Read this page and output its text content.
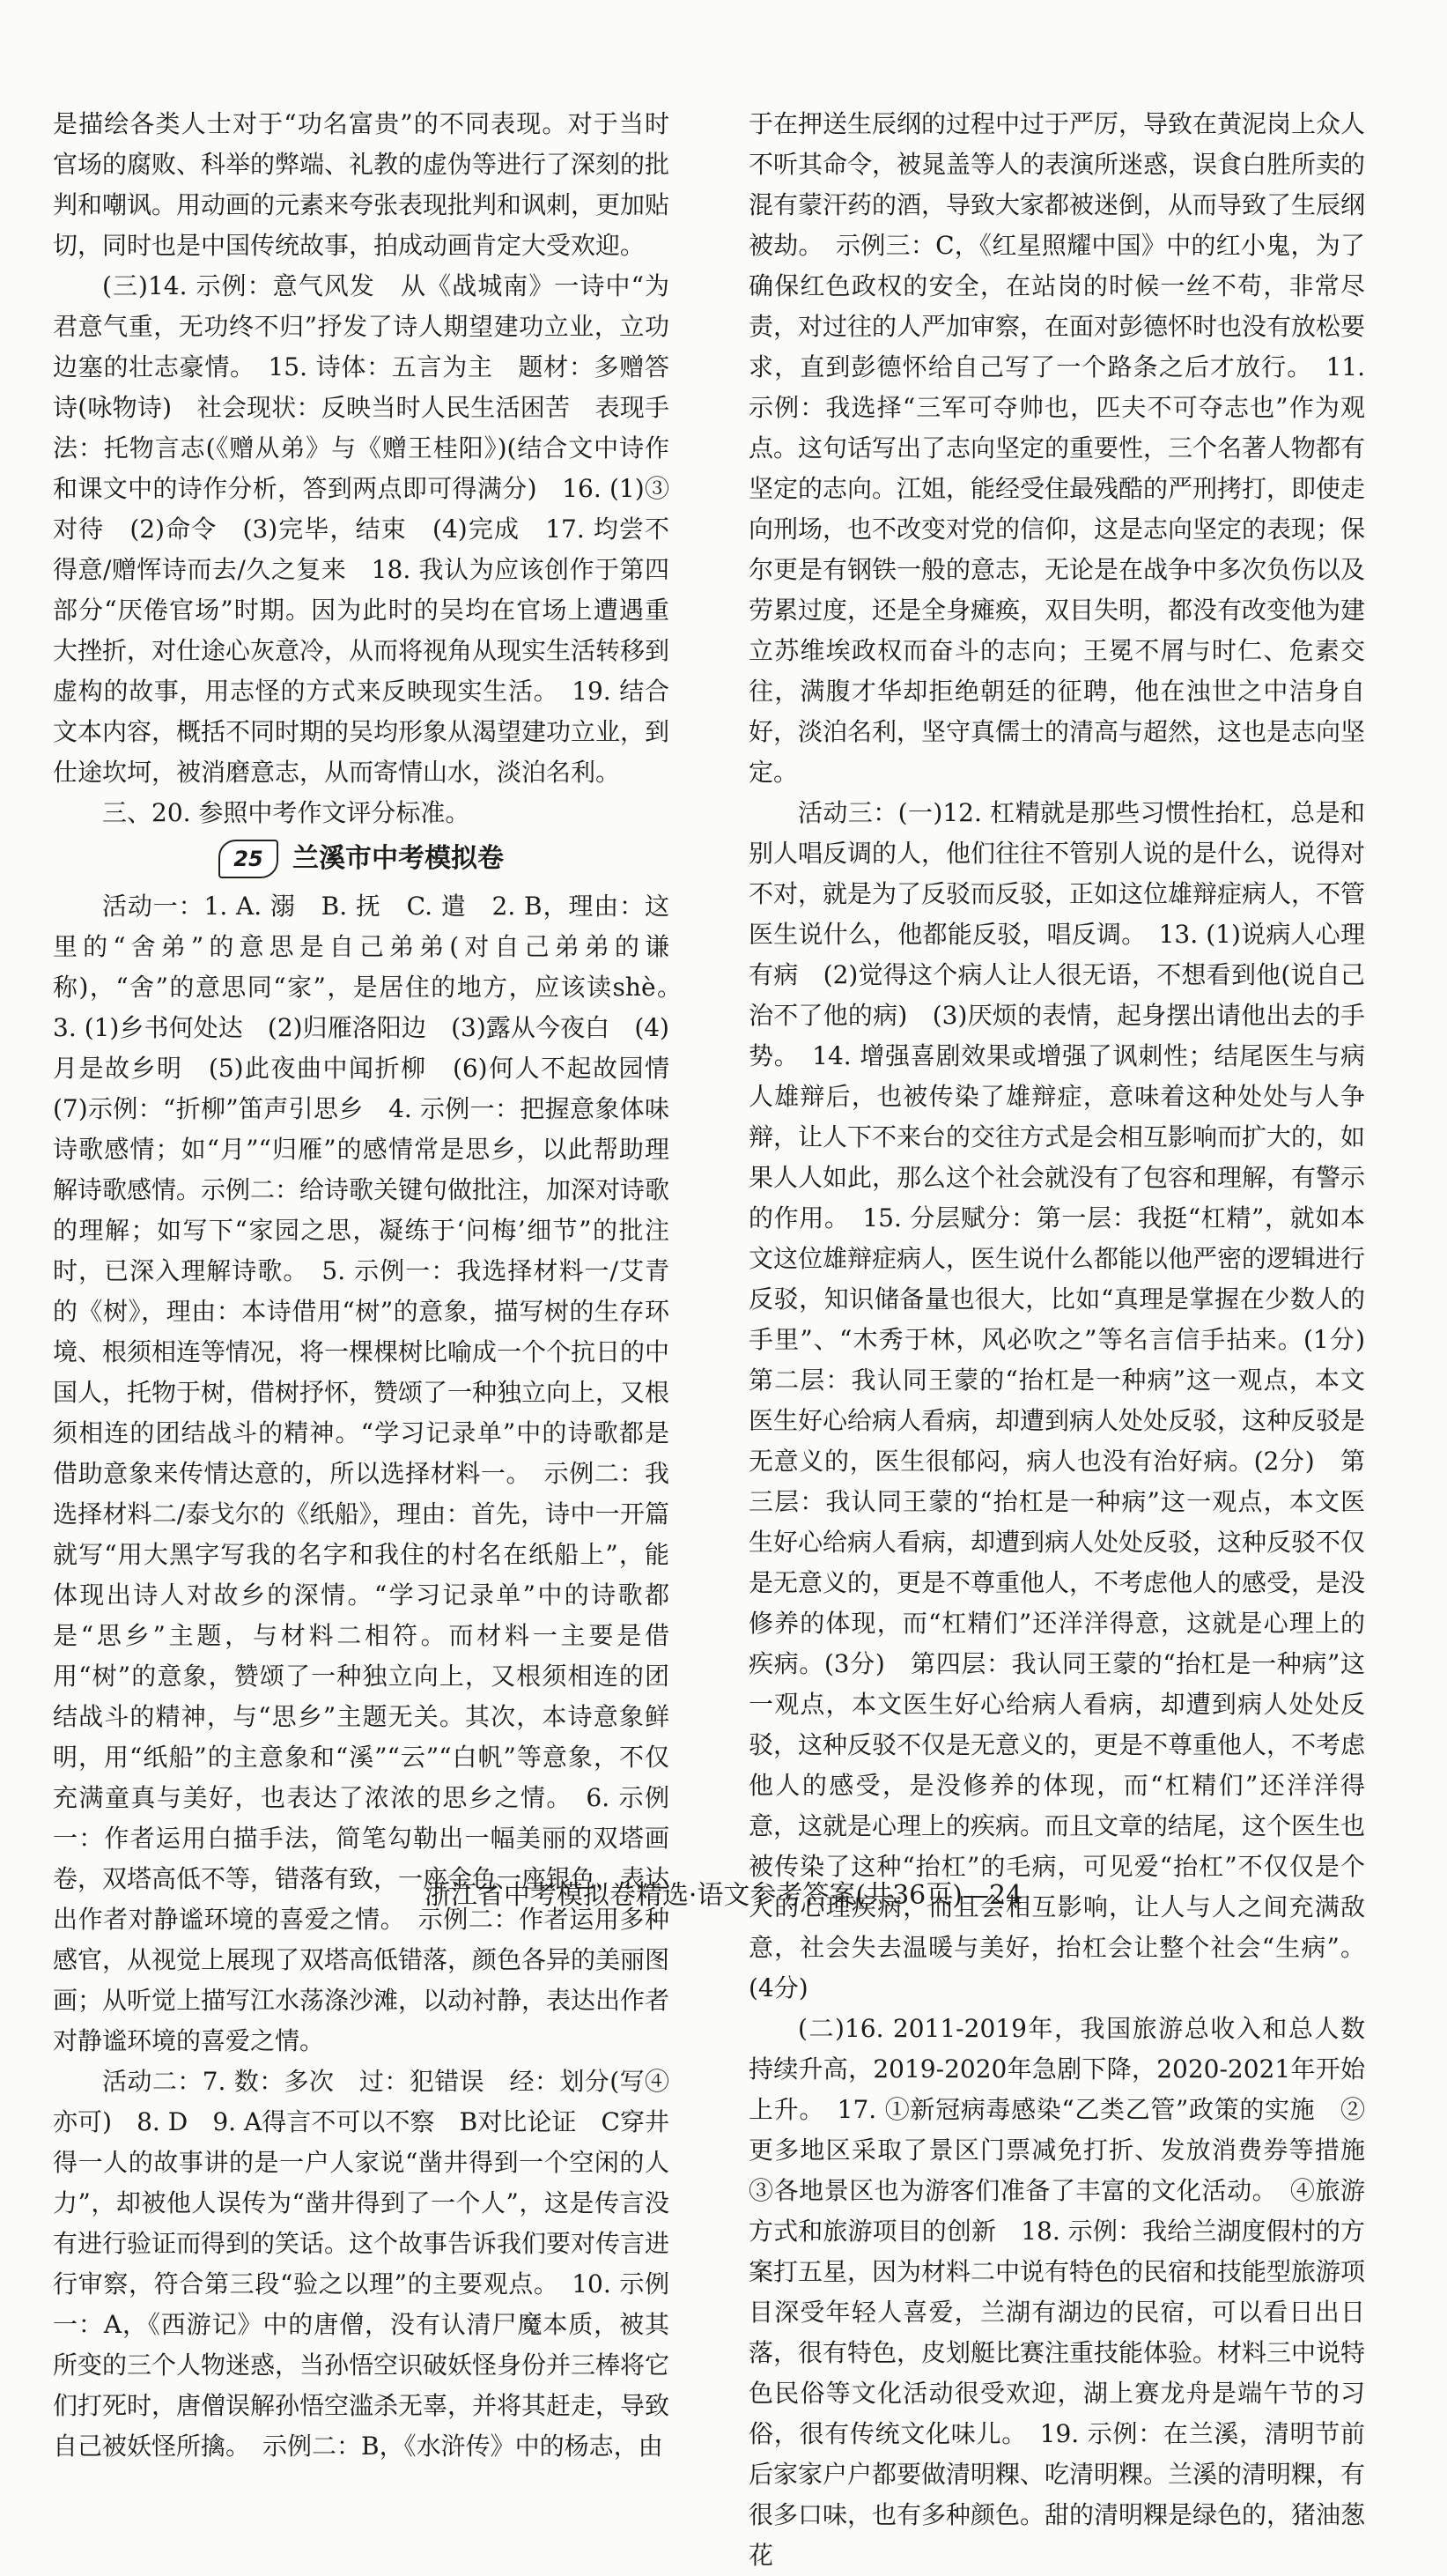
是描绘各类人士对于“功名富贵”的不同表现。对于当时官场的腐败、科举的弊端、礼教的虚伪等进行了深刻的批判和嘲讽。用动画的元素来夸张表现批判和讽刺，更加贴切，同时也是中国传统故事，拍成动画肯定大受欢迎。

(三)14. 示例：意气风发　从《战城南》一诗中“为君意气重，无功终不归”抒发了诗人期望建功立业，立功边塞的壮志豪情。　15. 诗体：五言为主　题材：多赠答诗(咏物诗)　社会现状：反映当时人民生活困苦　表现手法：托物言志(《赠从弟》与《赠王桂阳》)(结合文中诗作和课文中的诗作分析，答到两点即可得满分)　16. (1)③对待　(2)命令　(3)完毕，结束　(4)完成　17. 均尝不得意/赠恽诗而去/久之复来　18. 我认为应该创作于第四部分“厌倦官场”时期。因为此时的吴均在官场上遭遇重大挫折，对仕途心灰意冷，从而将视角从现实生活转移到虚构的故事，用志怪的方式来反映现实生活。　19. 结合文本内容，概括不同时期的吴均形象从渴望建功立业，到仕途坎坷，被消磨意志，从而寄情山水，淡泊名利。

三、20. 参照中考作文评分标准。

25	兰溪市中考模拟卷

活动一：1. A. 溺　B. 抚　C. 遣　2. B，理由：这里的“舍弟”的意思是自己弟弟(对自己弟弟的谦称)，“舍”的意思同“家”，是居住的地方，应该读shè。　3. (1)乡书何处达　(2)归雁洛阳边　(3)露从今夜白　(4)月是故乡明　(5)此夜曲中闻折柳　(6)何人不起故园情　(7)示例：“折柳”笛声引思乡　4. 示例一：把握意象体味诗歌感情；如“月”“归雁”的感情常是思乡，以此帮助理解诗歌感情。示例二：给诗歌关键句做批注，加深对诗歌的理解；如写下“家园之思，凝练于‘问梅’细节”的批注时，已深入理解诗歌。　5. 示例一：我选择材料一/艾青的《树》，理由：本诗借用“树”的意象，描写树的生存环境、根须相连等情况，将一棵棵树比喻成一个个抗日的中国人，托物于树，借树抒怀，赞颂了一种独立向上，又根须相连的团结战斗的精神。“学习记录单”中的诗歌都是借助意象来传情达意的，所以选择材料一。　示例二：我选择材料二/泰戈尔的《纸船》，理由：首先，诗中一开篇就写“用大黑字写我的名字和我住的村名在纸船上”，能体现出诗人对故乡的深情。“学习记录单”中的诗歌都是“思乡”主题，与材料二相符。而材料一主要是借用“树”的意象，赞颂了一种独立向上，又根须相连的团结战斗的精神，与“思乡”主题无关。其次，本诗意象鲜明，用“纸船”的主意象和“溪”“云”“白帆”等意象，不仅充满童真与美好，也表达了浓浓的思乡之情。　6. 示例一：作者运用白描手法，简笔勾勒出一幅美丽的双塔画卷，双塔高低不等，错落有致，一座金色一座银色，表达出作者对静谧环境的喜爱之情。　示例二：作者运用多种感官，从视觉上展现了双塔高低错落，颜色各异的美丽图画；从听觉上描写江水荡涤沙滩，以动衬静，表达出作者对静谧环境的喜爱之情。

活动二：7. 数：多次　过：犯错误　经：划分(写④亦可)　8. D　9. A得言不可以不察　B对比论证　C穿井得一人的故事讲的是一户人家说“凿井得到一个空闲的人力”，却被他人误传为“凿井得到了一个人”，这是传言没有进行验证而得到的笑话。这个故事告诉我们要对传言进行审察，符合第三段“验之以理”的主要观点。　10. 示例一：A，《西游记》中的唐僧，没有认清尸魔本质，被其所变的三个人物迷惑，当孙悟空识破妖怪身份并三棒将它们打死时，唐僧误解孙悟空滥杀无辜，并将其赶走，导致自己被妖怪所擒。　示例二：B，《水浒传》中的杨志，由

于在押送生辰纲的过程中过于严厉，导致在黄泥岗上众人不听其命令，被晁盖等人的表演所迷惑，误食白胜所卖的混有蒙汗药的酒，导致大家都被迷倒，从而导致了生辰纲被劫。　示例三：C，《红星照耀中国》中的红小鬼，为了确保红色政权的安全，在站岗的时候一丝不苟，非常尽责，对过往的人严加审察，在面对彭德怀时也没有放松要求，直到彭德怀给自己写了一个路条之后才放行。　11. 示例：我选择“三军可夺帅也，匹夫不可夺志也”作为观点。这句话写出了志向坚定的重要性，三个名著人物都有坚定的志向。江姐，能经受住最残酷的严刑拷打，即使走向刑场，也不改变对党的信仰，这是志向坚定的表现；保尔更是有钢铁一般的意志，无论是在战争中多次负伤以及劳累过度，还是全身瘫痪，双目失明，都没有改变他为建立苏维埃政权而奋斗的志向；王冕不屑与时仁、危素交往，满腹才华却拒绝朝廷的征聘，他在浊世之中洁身自好，淡泊名利，坚守真儒士的清高与超然，这也是志向坚定。

活动三：(一)12. 杠精就是那些习惯性抬杠，总是和别人唱反调的人，他们往往不管别人说的是什么，说得对不对，就是为了反驳而反驳，正如这位雄辩症病人，不管医生说什么，他都能反驳，唱反调。　13. (1)说病人心理有病　(2)觉得这个病人让人很无语，不想看到他(说自己治不了他的病)　(3)厌烦的表情，起身摆出请他出去的手势。　14. 增强喜剧效果或增强了讽刺性；结尾医生与病人雄辩后，也被传染了雄辩症，意味着这种处处与人争辩，让人下不来台的交往方式是会相互影响而扩大的，如果人人如此，那么这个社会就没有了包容和理解，有警示的作用。　15. 分层赋分：第一层：我挺“杠精”，就如本文这位雄辩症病人，医生说什么都能以他严密的逻辑进行反驳，知识储备量也很大，比如“真理是掌握在少数人的手里”、“木秀于林，风必吹之”等名言信手拈来。(1分)　第二层：我认同王蒙的“抬杠是一种病”这一观点，本文医生好心给病人看病，却遭到病人处处反驳，这种反驳是无意义的，医生很郁闷，病人也没有治好病。(2分)　第三层：我认同王蒙的“抬杠是一种病”这一观点，本文医生好心给病人看病，却遭到病人处处反驳，这种反驳不仅是无意义的，更是不尊重他人，不考虑他人的感受，是没修养的体现，而“杠精们”还洋洋得意，这就是心理上的疾病。(3分)　第四层：我认同王蒙的“抬杠是一种病”这一观点，本文医生好心给病人看病，却遭到病人处处反驳，这种反驳不仅是无意义的，更是不尊重他人，不考虑他人的感受，是没修养的体现，而“杠精们”还洋洋得意，这就是心理上的疾病。而且文章的结尾，这个医生也被传染了这种“抬杠”的毛病，可见爱“抬杠”不仅仅是个人的心理疾病，而且会相互影响，让人与人之间充满敌意，社会失去温暖与美好，抬杠会让整个社会“生病”。(4分)

(二)16. 2011-2019年，我国旅游总收入和总人数持续升高，2019-2020年急剧下降，2020-2021年开始上升。　17. ①新冠病毒感染“乙类乙管”政策的实施　②更多地区采取了景区门票减免打折、发放消费券等措施　③各地景区也为游客们准备了丰富的文化活动。　④旅游方式和旅游项目的创新　18. 示例：我给兰湖度假村的方案打五星，因为材料二中说有特色的民宿和技能型旅游项目深受年轻人喜爱，兰湖有湖边的民宿，可以看日出日落，很有特色，皮划艇比赛注重技能体验。材料三中说特色民俗等文化活动很受欢迎，湖上赛龙舟是端午节的习俗，很有传统文化味儿。　19. 示例：在兰溪，清明节前后家家户户都要做清明粿、吃清明粿。兰溪的清明粿，有很多口味，也有多种颜色。甜的清明粿是绿色的，猪油葱花

浙江省中考模拟卷精选·语文参考答案(共36页)—24
